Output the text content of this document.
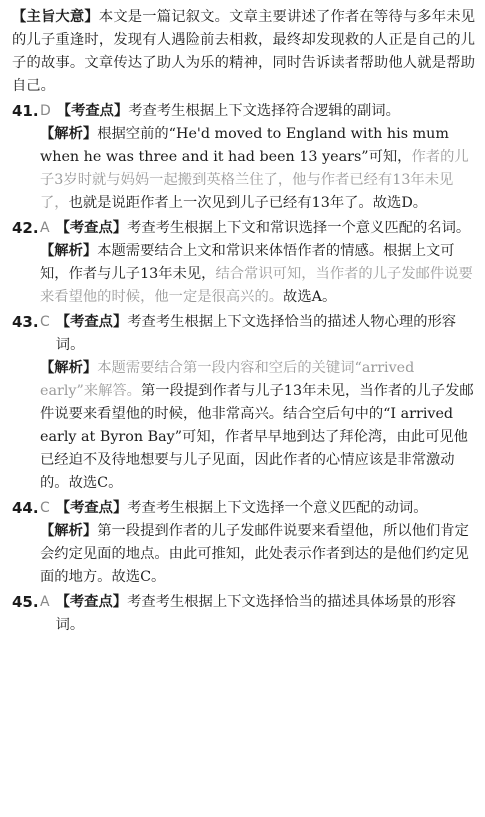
【主旨大意】本文是一篇记叙文。文章主要讲述了作者在等待与多年未见的儿子重逢时，发现有人遇险前去相救，最终却发现救的人正是自己的儿子的故事。文章传达了助人为乐的精神，同时告诉读者帮助他人就是帮助自己。

41. D 【考查点】考查考生根据上下文选择符合逻辑的副词。
【解析】根据空前的“He'd moved to England with his mum when he was three and it had been 13 years”可知，作者的儿子3岁时就与妈妈一起搬到英格兰住了，他与作者已经有13年未见了，也就是说距作者上一次见到儿子已经有13年了。故选D。
42. A 【考查点】考查考生根据上下文和常识选择一个意义匹配的名词。
【解析】本题需要结合上文和常识来体悟作者的情感。根据上文可知，作者与儿子13年未见，结合常识可知，当作者的儿子发邮件说要来看望他的时候，他一定是很高兴的。故选A。
43. C 【考查点】考查考生根据上下文选择恰当的描述人物心理的形容词。
【解析】本题需要结合第一段内容和空后的关键词“arrived early”来解答。第一段提到作者与儿子13年未见，当作者的儿子发邮件说要来看望他的时候，他非常高兴。结合空后句中的“I arrived early at Byron Bay”可知，作者早早地到达了拜伦湾，由此可见他已经迫不及待地想要与儿子见面，因此作者的心情应该是非常激动的。故选C。
44. C 【考查点】考查考生根据上下文选择一个意义匹配的动词。
【解析】第一段提到作者的儿子发邮件说要来看望他，所以他们肯定会约定见面的地点。由此可推知，此处表示作者到达的是他们约定见面的地方。故选C。
45. A 【考查点】考查考生根据上下文选择恰当的描述具体场景的形容词。
